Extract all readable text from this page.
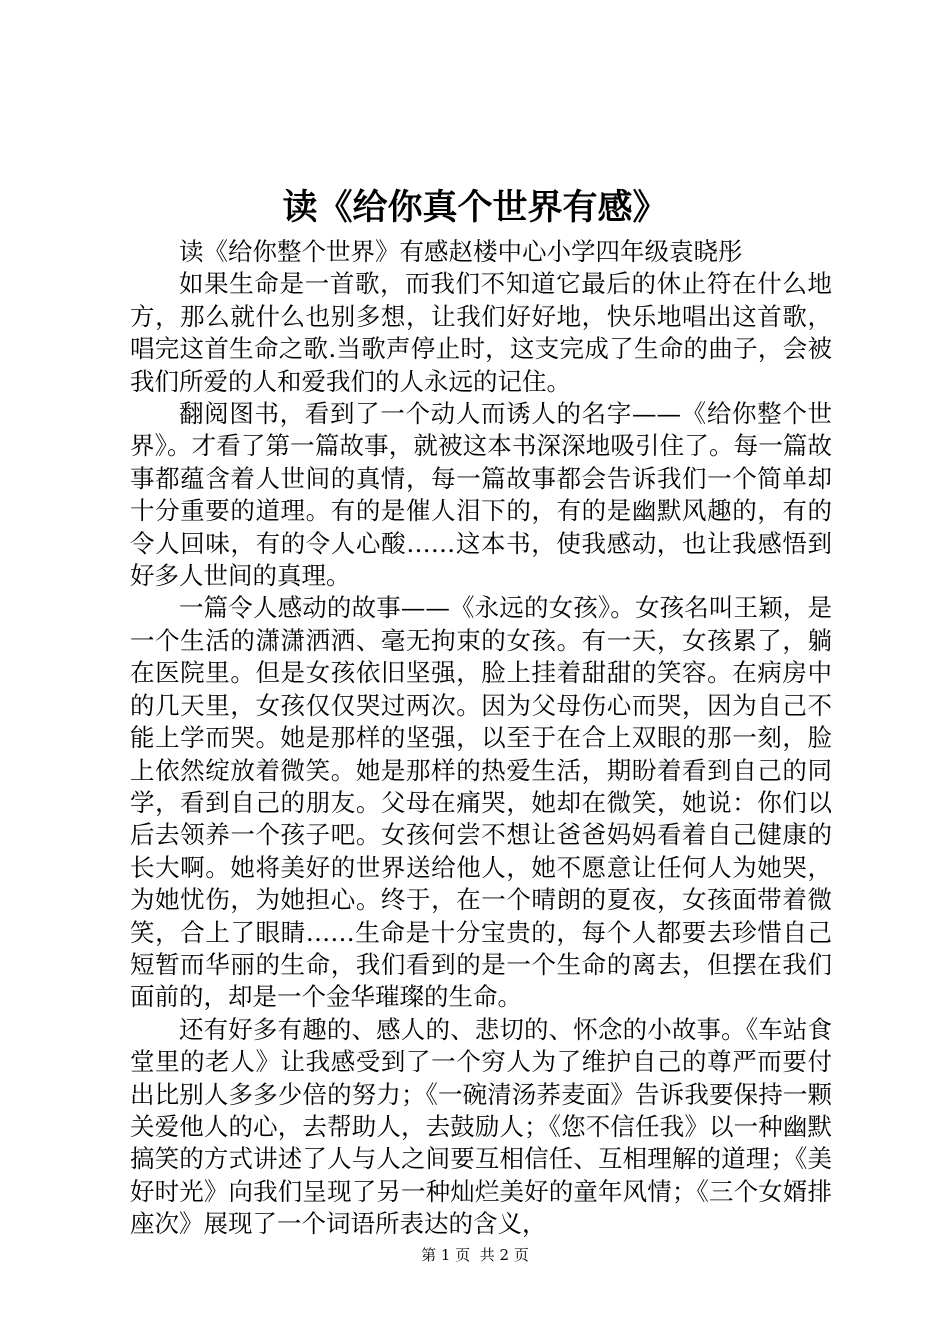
读《给你真个世界有感》

读《给你整个世界》有感赵楼中心小学四年级袁晓彤

如果生命是一首歌，而我们不知道它最后的休止符在什么地方，那么就什么也别多想，让我们好好地，快乐地唱出这首歌，唱完这首生命之歌.当歌声停止时，这支完成了生命的曲子，会被我们所爱的人和爱我们的人永远的记住。

翻阅图书，看到了一个动人而诱人的名字——《给你整个世界》。才看了第一篇故事，就被这本书深深地吸引住了。每一篇故事都蕴含着人世间的真情，每一篇故事都会告诉我们一个简单却十分重要的道理。有的是催人泪下的，有的是幽默风趣的，有的令人回味，有的令人心酸……这本书，使我感动，也让我感悟到好多人世间的真理。

一篇令人感动的故事——《永远的女孩》。女孩名叫王颖，是一个生活的潇潇洒洒、毫无拘束的女孩。有一天，女孩累了，躺在医院里。但是女孩依旧坚强，脸上挂着甜甜的笑容。在病房中的几天里，女孩仅仅哭过两次。因为父母伤心而哭，因为自己不能上学而哭。她是那样的坚强，以至于在合上双眼的那一刻，脸上依然绽放着微笑。她是那样的热爱生活，期盼着看到自己的同学，看到自己的朋友。父母在痛哭，她却在微笑，她说：你们以后去领养一个孩子吧。女孩何尝不想让爸爸妈妈看着自己健康的长大啊。她将美好的世界送给他人，她不愿意让任何人为她哭，为她忧伤，为她担心。终于，在一个晴朗的夏夜，女孩面带着微笑，合上了眼睛……生命是十分宝贵的，每个人都要去珍惜自己短暂而华丽的生命，我们看到的是一个生命的离去，但摆在我们面前的，却是一个金华璀璨的生命。

还有好多有趣的、感人的、悲切的、怀念的小故事。《车站食堂里的老人》让我感受到了一个穷人为了维护自己的尊严而要付出比别人多多少倍的努力；《一碗清汤荞麦面》告诉我要保持一颗关爱他人的心，去帮助人，去鼓励人；《您不信任我》以一种幽默搞笑的方式讲述了人与人之间要互相信任、互相理解的道理；《美好时光》向我们呈现了另一种灿烂美好的童年风情；《三个女婿排座次》展现了一个词语所表达的含义，

第 1 页  共 2 页
